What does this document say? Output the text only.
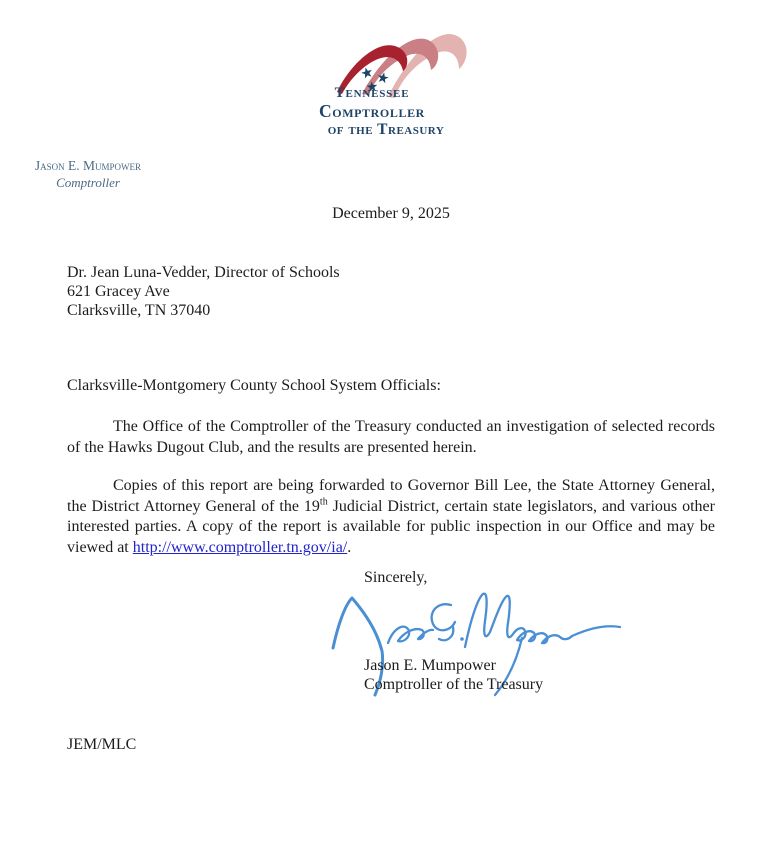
Tennessee
Comptroller
of the Treasury
Jason E. Mumpower
Comptroller
December 9, 2025
Dr. Jean Luna-Vedder, Director of Schools
621 Gracey Ave
Clarksville, TN 37040
Clarksville-Montgomery County School System Officials:
The Office of the Comptroller of the Treasury conducted an investigation of selected records of the Hawks Dugout Club, and the results are presented herein.
Copies of this report are being forwarded to Governor Bill Lee, the State Attorney General, the District Attorney General of the 19th Judicial District, certain state legislators, and various other interested parties. A copy of the report is available for public inspection in our Office and may be viewed at http://www.comptroller.tn.gov/ia/.
Sincerely,
Jason E. Mumpower
Comptroller of the Treasury
JEM/MLC
